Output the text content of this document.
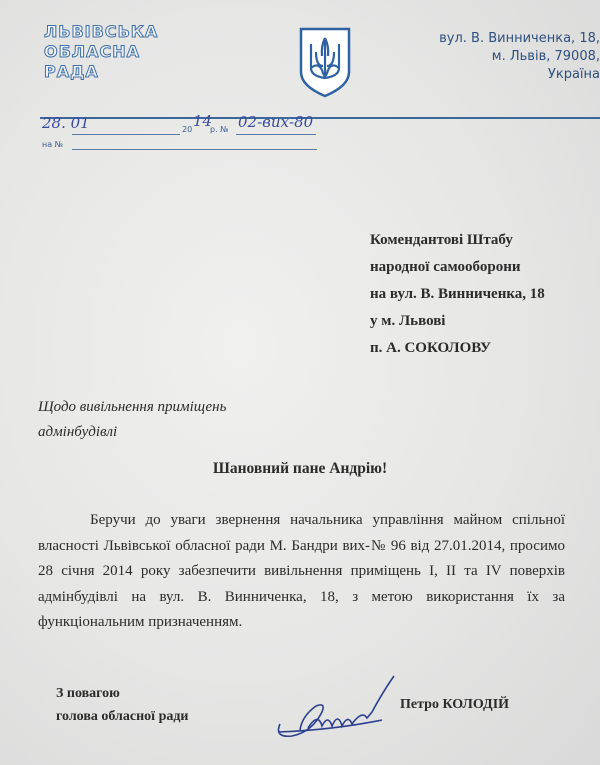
ЛЬВІВСЬКА
ОБЛАСНА
РАДА
вул. В. Винниченка, 18,
м. Львів, 79008,
Україна
28. 01	20 14
р. № 02-вих-80
на №
Комендантові Штабу
народної самооборони
на вул. В. Винниченка, 18
у м. Львові
п. А. СОКОЛОВУ
Щодо вивільнення приміщень
адмінбудівлі
Шановний пане Андрію!
Беручи до уваги звернення начальника управління майном спільної власності Львівської обласної ради М. Бандри вих-№ 96 від 27.01.2014, просимо 28 січня 2014 року забезпечити вивільнення приміщень I, II та IV поверхів адмінбудівлі на вул. В. Винниченка, 18, з метою використання їх за функціональним призначенням.
З повагою
голова обласної ради
Петро КОЛОДІЙ
